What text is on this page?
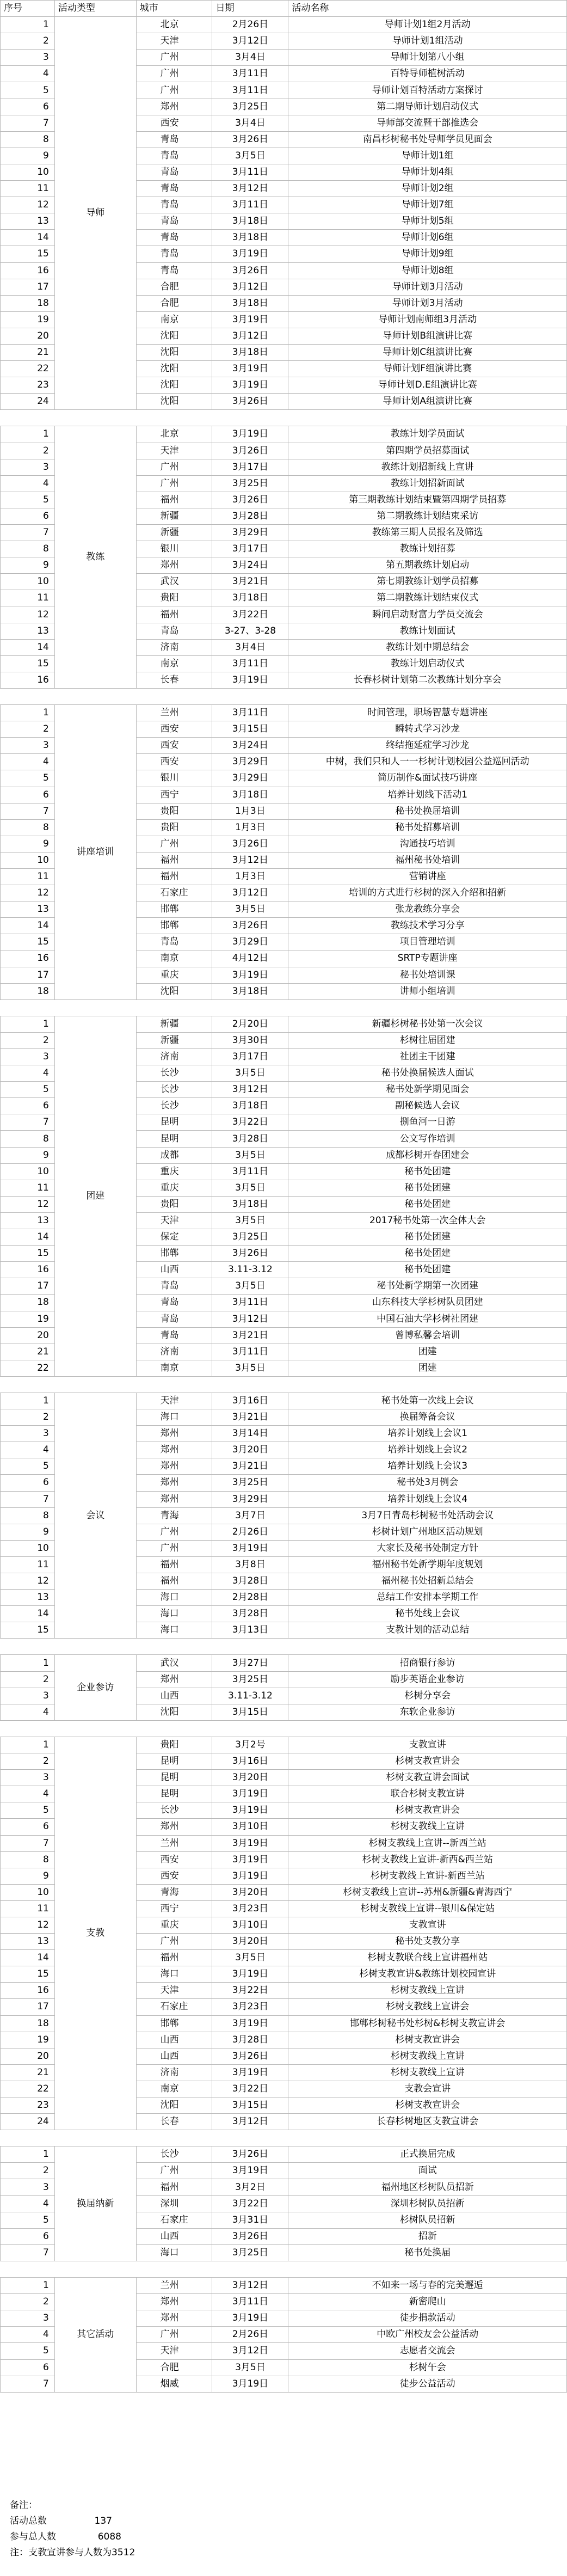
序号	活动类型	城市	日期	活动名称
1	导师	北京	2月26日	导师计划1组2月活动
2		天津	3月12日	导师计划1组活动
3		广州	3月4日	导师计划第八小组
4		广州	3月11日	百特导师植树活动
5		广州	3月11日	导师计划百特活动方案探讨
6		郑州	3月25日	第二期导师计划启动仪式
7		西安	3月4日	导师部交流暨干部推选会
8		青岛	3月26日	南昌杉树秘书处导师学员见面会
9		青岛	3月5日	导师计划1组
10		青岛	3月11日	导师计划4组
11		青岛	3月12日	导师计划2组
12		青岛	3月11日	导师计划7组
13		青岛	3月18日	导师计划5组
14		青岛	3月18日	导师计划6组
15		青岛	3月19日	导师计划9组
16		青岛	3月26日	导师计划8组
17		合肥	3月12日	导师计划3月活动
18		合肥	3月18日	导师计划3月活动
19		南京	3月19日	导师计划南师组3月活动
20		沈阳	3月12日	导师计划B组演讲比赛
21		沈阳	3月18日	导师计划C组演讲比赛
22		沈阳	3月19日	导师计划F组演讲比赛
23		沈阳	3月19日	导师计划D.E组演讲比赛
24		沈阳	3月26日	导师计划A组演讲比赛

1	教练	北京	3月19日	教练计划学员面试
2		天津	3月26日	第四期学员招募面试
3		广州	3月17日	教练计划招新线上宣讲
4		广州	3月25日	教练计划招新面试
5		福州	3月26日	第三期教练计划结束暨第四期学员招募
6		新疆	3月28日	第二期教练计划结束采访
7		新疆	3月29日	教练第三期人员报名及筛选
8		银川	3月17日	教练计划招募
9		郑州	3月24日	第五期教练计划启动
10		武汉	3月21日	第七期教练计划学员招募
11		贵阳	3月18日	第二期教练计划结束仪式
12		福州	3月22日	瞬间启动财富力学员交流会
13		青岛	3-27、3-28	教练计划面试
14		济南	3月4日	教练计划中期总结会
15		南京	3月11日	教练计划启动仪式
16		长春	3月19日	长春杉树计划第二次教练计划分享会

1	讲座培训	兰州	3月11日	时间管理，职场智慧专题讲座
2		西安	3月15日	瞬转式学习沙龙
3		西安	3月24日	终结拖延症学习沙龙
4		西安	3月29日	中树，我们只和人一一杉树计划校园公益巡回活动
5		银川	3月29日	简历制作&面试技巧讲座
6		西宁	3月18日	培养计划线下活动1
7		贵阳	1月3日	秘书处换届培训
8		贵阳	1月3日	秘书处招募培训
9		广州	3月26日	沟通技巧培训
10		福州	3月12日	福州秘书处培训
11		福州	1月3日	营销讲座
12		石家庄	3月12日	培训的方式进行杉树的深入介绍和招新
13		邯郸	3月5日	张龙教练分享会
14		邯郸	3月26日	教练技术学习分享
15		青岛	3月29日	项目管理培训
16		南京	4月12日	SRTP专题讲座
17		重庆	3月19日	秘书处培训课
18		沈阳	3月18日	讲师小组培训

1	团建	新疆	2月20日	新疆杉树秘书处第一次会议
2		新疆	3月30日	杉树往届团建
3		济南	3月17日	社团主干团建
4		长沙	3月5日	秘书处换届候选人面试
5		长沙	3月12日	秘书处新学期见面会
6		长沙	3月18日	副秘候选人会议
7		昆明	3月22日	捌鱼河一日游
8		昆明	3月28日	公文写作培训
9		成都	3月5日	成都杉树开春团建会
10		重庆	3月11日	秘书处团建
11		重庆	3月5日	秘书处团建
12		贵阳	3月18日	秘书处团建
13		天津	3月5日	2017秘书处第一次全体大会
14		保定	3月25日	秘书处团建
15		邯郸	3月26日	秘书处团建
16		山西	3.11-3.12	秘书处团建
17		青岛	3月5日	秘书处新学期第一次团建
18		青岛	3月11日	山东科技大学杉树队员团建
19		青岛	3月12日	中国石油大学杉树社团建
20		青岛	3月21日	曾博私馨会培训
21		济南	3月11日	团建
22		南京	3月5日	团建

1	会议	天津	3月16日	秘书处第一次线上会议
2		海口	3月21日	换届筹备会议
3		郑州	3月14日	培养计划线上会议1
4		郑州	3月20日	培养计划线上会议2
5		郑州	3月21日	培养计划线上会议3
6		郑州	3月25日	秘书处3月例会
7		郑州	3月29日	培养计划线上会议4
8		青海	3月7日	3月7日青岛杉树秘书处活动会议
9		广州	2月26日	杉树计划广州地区活动规划
10		广州	3月19日	大家长及秘书处制定方针
11		福州	3月8日	福州秘书处新学期年度规划
12		福州	3月28日	福州秘书处招新总结会
13		海口	2月28日	总结工作安排本学期工作
14		海口	3月28日	秘书处线上会议
15		海口	3月13日	支教计划的活动总结

1	企业参访	武汉	3月27日	招商银行参访
2		郑州	3月25日	励步英语企业参访
3		山西	3.11-3.12	杉树分享会
4		沈阳	3月15日	东软企业参访

1	支教	贵阳	3月2号	支教宣讲
2		昆明	3月16日	杉树支教宣讲会
3		昆明	3月20日	杉树支教宣讲会面试
4		昆明	3月19日	联合杉树支教宣讲
5		长沙	3月19日	杉树支教宣讲会
6		郑州	3月10日	杉树支教线上宣讲
7		兰州	3月19日	杉树支教线上宣讲--新西兰站
8		西安	3月19日	杉树支教线上宣讲-新西&西兰站
9		西安	3月19日	杉树支教线上宣讲-新西兰站
10		青海	3月20日	杉树支教线上宣讲--苏州&新疆&青海西宁
11		西宁	3月23日	杉树支教线上宣讲--银川&保定站
12		重庆	3月10日	支教宣讲
13		广州	3月20日	秘书处支教分享
14		福州	3月5日	杉树支教联合线上宣讲福州站
15		海口	3月19日	杉树支教宣讲&教练计划校园宣讲
16		天津	3月22日	杉树支教线上宣讲
17		石家庄	3月23日	杉树支教线上宣讲会
18		邯郸	3月19日	邯郸杉树秘书处杉树&杉树支教宣讲会
19		山西	3月28日	杉树支教宣讲会
20		山西	3月26日	杉树支教线上宣讲
21		济南	3月19日	杉树支教线上宣讲
22		南京	3月22日	支教会宣讲
23		沈阳	3月15日	杉树支教宣讲会
24		长春	3月12日	长春杉树地区支教宣讲会

1	换届纳新	长沙	3月26日	正式换届完成
2		广州	3月19日	面试
3		福州	3月2日	福州地区杉树队员招新
4		深圳	3月22日	深圳杉树队员招新
5		石家庄	3月31日	杉树队员招新
6		山西	3月26日	招新
7		海口	3月25日	秘书处换届

1	其它活动	兰州	3月12日	不如来一场与春的完美邂逅
2		郑州	3月11日	新密爬山
3		郑州	3月19日	徒步捐款活动
4		广州	2月26日	中欧广州校友会公益活动
5		天津	3月12日	志愿者交流会
6		合肥	3月5日	杉树午会
7		烟威	3月19日	徒步公益活动
备注：
活动总数	137
参与总人数	6088
注：支教宣讲参与人数为3512
